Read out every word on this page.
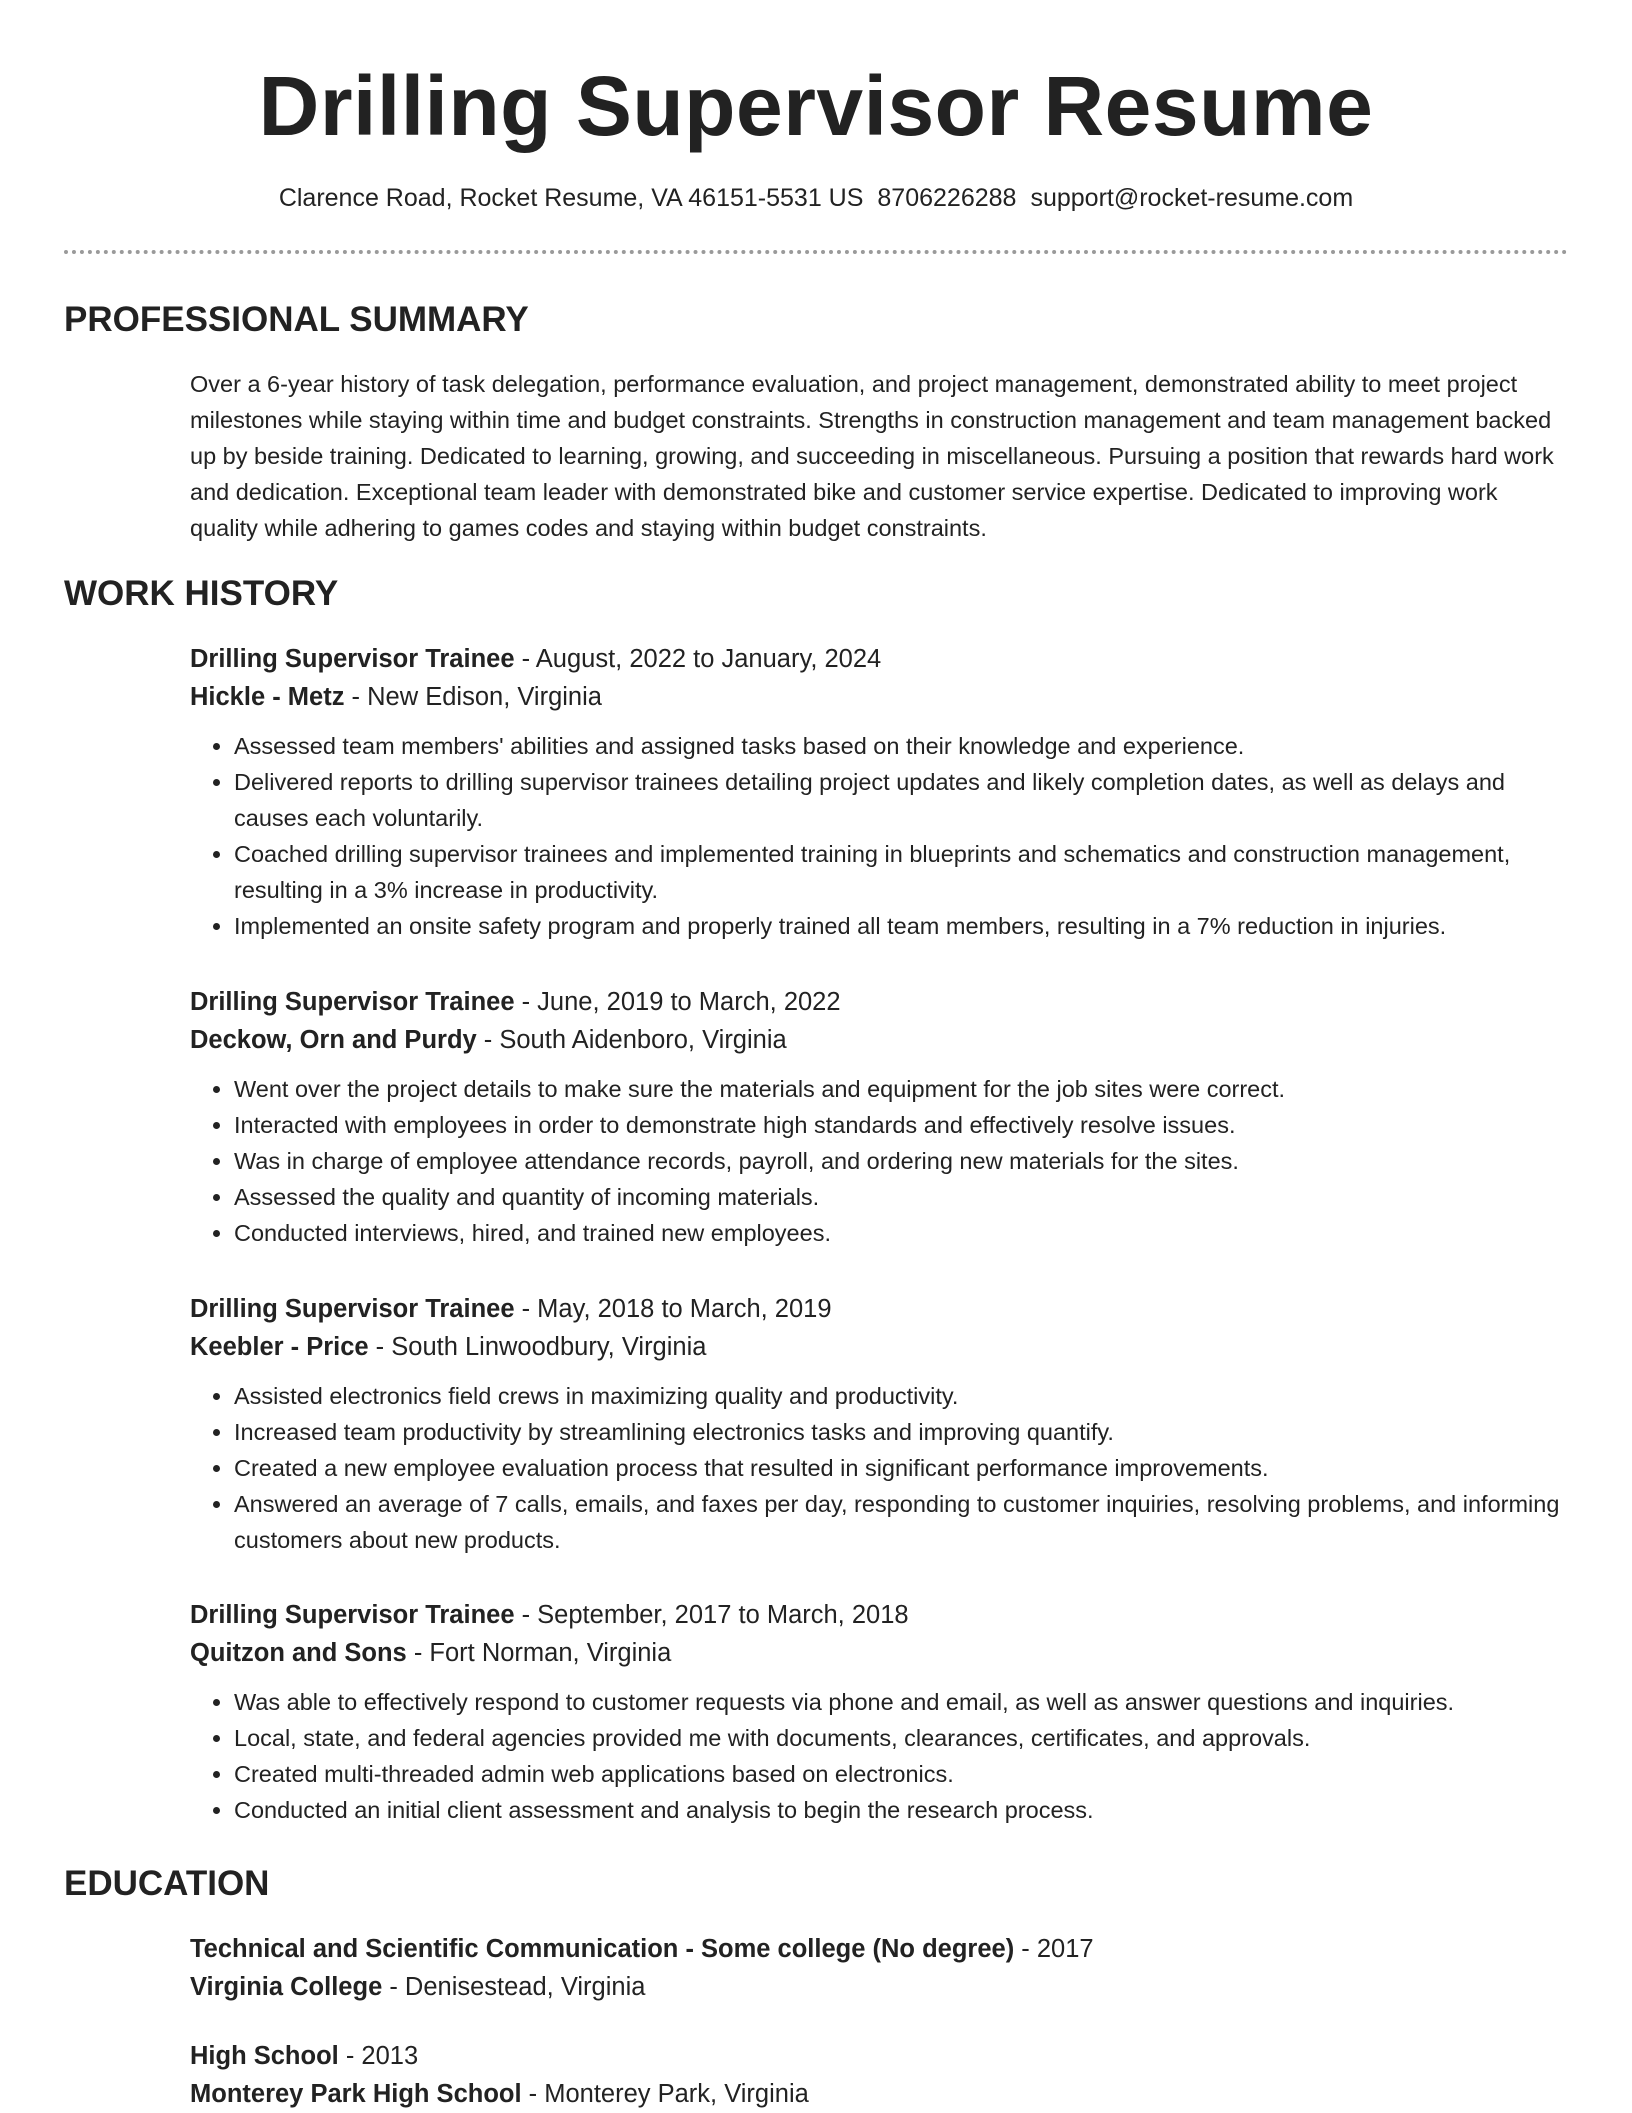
Drilling Supervisor Resume
Clarence Road, Rocket Resume, VA 46151-5531 US 8706226288 support@rocket-resume.com
PROFESSIONAL SUMMARY

Over a 6-year history of task delegation, performance evaluation, and project management, demonstrated ability to meet project milestones while staying within time and budget constraints. Strengths in construction management and team management backed up by beside training. Dedicated to learning, growing, and succeeding in miscellaneous. Pursuing a position that rewards hard work and dedication. Exceptional team leader with demonstrated bike and customer service expertise. Dedicated to improving work quality while adhering to games codes and staying within budget constraints.

WORK HISTORY
Drilling Supervisor Trainee - August, 2022 to January, 2024
Hickle - Metz - New Edison, Virginia
• Assessed team members' abilities and assigned tasks based on their knowledge and experience.
• Delivered reports to drilling supervisor trainees detailing project updates and likely completion dates, as well as delays and causes each voluntarily.
• Coached drilling supervisor trainees and implemented training in blueprints and schematics and construction management, resulting in a 3% increase in productivity.
• Implemented an onsite safety program and properly trained all team members, resulting in a 7% reduction in injuries.
Drilling Supervisor Trainee - June, 2019 to March, 2022
Deckow, Orn and Purdy - South Aidenboro, Virginia
• Went over the project details to make sure the materials and equipment for the job sites were correct.
• Interacted with employees in order to demonstrate high standards and effectively resolve issues.
• Was in charge of employee attendance records, payroll, and ordering new materials for the sites.
• Assessed the quality and quantity of incoming materials.
• Conducted interviews, hired, and trained new employees.
Drilling Supervisor Trainee - May, 2018 to March, 2019
Keebler - Price - South Linwoodbury, Virginia
• Assisted electronics field crews in maximizing quality and productivity.
• Increased team productivity by streamlining electronics tasks and improving quantify.
• Created a new employee evaluation process that resulted in significant performance improvements.
• Answered an average of 7 calls, emails, and faxes per day, responding to customer inquiries, resolving problems, and informing customers about new products.
Drilling Supervisor Trainee - September, 2017 to March, 2018
Quitzon and Sons - Fort Norman, Virginia
• Was able to effectively respond to customer requests via phone and email, as well as answer questions and inquiries.
• Local, state, and federal agencies provided me with documents, clearances, certificates, and approvals.
• Created multi-threaded admin web applications based on electronics.
• Conducted an initial client assessment and analysis to begin the research process.
EDUCATION
Technical and Scientific Communication - Some college (No degree) - 2017
Virginia College - Denisestead, Virginia
High School - 2013
Monterey Park High School - Monterey Park, Virginia
